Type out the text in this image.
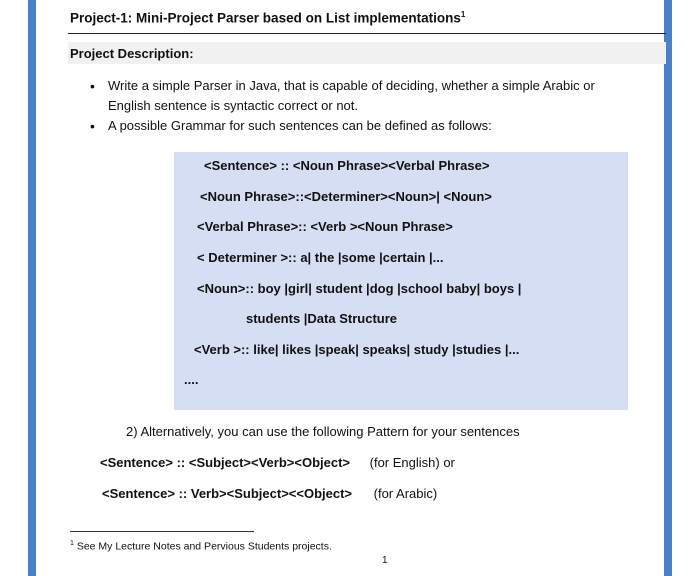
Project-1: Mini-Project Parser based on List implementations$^1$
Project Description:
• Write a simple Parser in Java, that is capable of deciding, whether a simple Arabic or
English sentence is syntactic correct or not.
• A possible Grammar for such sentences can be defined as follows:
<Sentence> :: <Noun Phrase><Verbal Phrase>
<Noun Phrase>::<Determiner><Noun>| <Noun>
<Verbal Phrase>:: <Verb ><Noun Phrase>
< Determiner >:: a| the |some |certain |...
<Noun>:: boy |girl| student |dog |school baby| boys |
students |Data Structure
<Verb >:: like| likes |speak| speaks| study |studies |...
....
2) Alternatively, you can use the following Pattern for your sentences
<Sentence> :: <Subject><Verb><Object> (for English) or
<Sentence> :: Verb><Subject><<Object> (for Arabic)
$^1$ See My Lecture Notes and Pervious Students projects.
1
